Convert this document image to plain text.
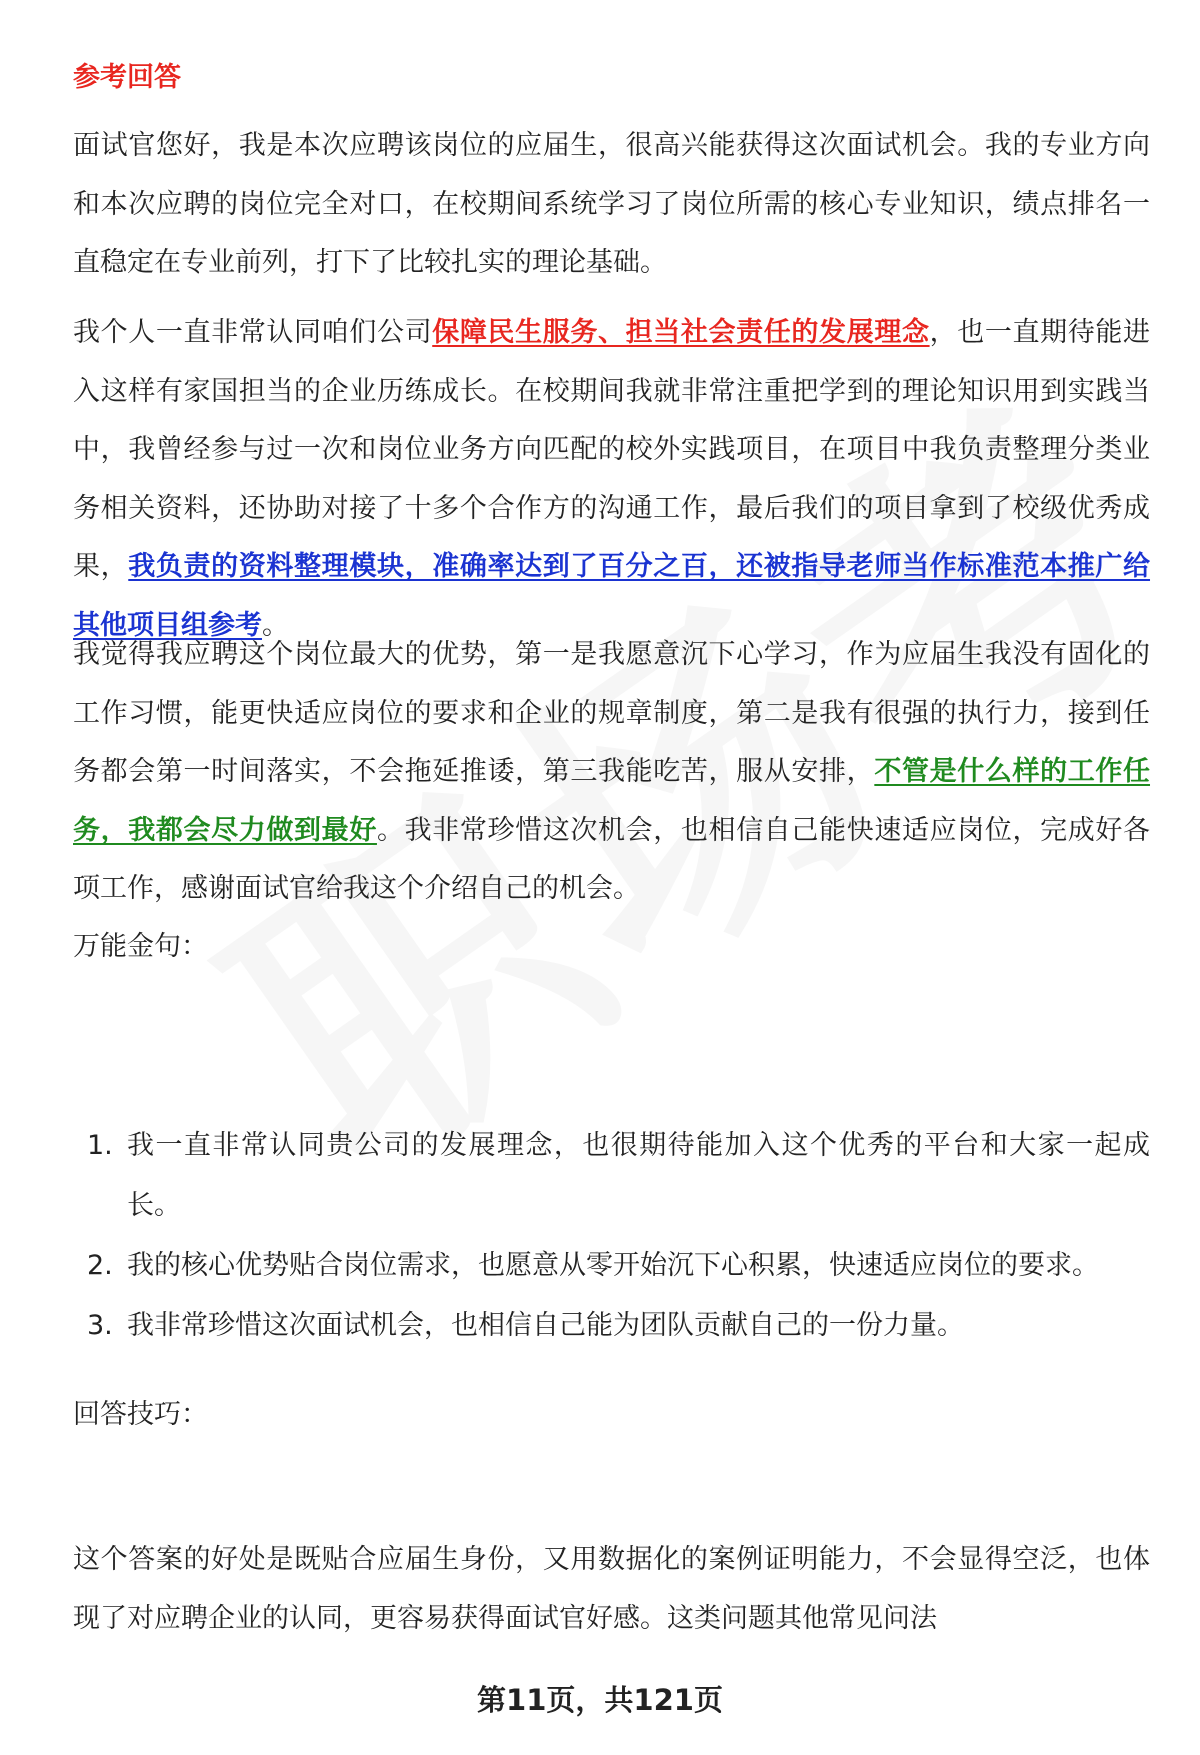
参考回答

面试官您好，我是本次应聘该岗位的应届生，很高兴能获得这次面试机会。我的专业方向和本次应聘的岗位完全对口，在校期间系统学习了岗位所需的核心专业知识，绩点排名一直稳定在专业前列，打下了比较扎实的理论基础。

我个人一直非常认同咱们公司保障民生服务、担当社会责任的发展理念，也一直期待能进入这样有家国担当的企业历练成长。在校期间我就非常注重把学到的理论知识用到实践当中，我曾经参与过一次和岗位业务方向匹配的校外实践项目，在项目中我负责整理分类业务相关资料，还协助对接了十多个合作方的沟通工作，最后我们的项目拿到了校级优秀成果，我负责的资料整理模块，准确率达到了百分之百，还被指导老师当作标准范本推广给其他项目组参考。

我觉得我应聘这个岗位最大的优势，第一是我愿意沉下心学习，作为应届生我没有固化的工作习惯，能更快适应岗位的要求和企业的规章制度，第二是我有很强的执行力，接到任务都会第一时间落实，不会拖延推诿，第三我能吃苦，服从安排，不管是什么样的工作任务，我都会尽力做到最好。我非常珍惜这次机会，也相信自己能快速适应岗位，完成好各项工作，感谢面试官给我这个介绍自己的机会。

万能金句：
1. 我一直非常认同贵公司的发展理念，也很期待能加入这个优秀的平台和大家一起成长。
2. 我的核心优势贴合岗位需求，也愿意从零开始沉下心积累，快速适应岗位的要求。
3. 我非常珍惜这次面试机会，也相信自己能为团队贡献自己的一份力量。
回答技巧：

这个答案的好处是既贴合应届生身份，又用数据化的案例证明能力，不会显得空泛，也体现了对应聘企业的认同，更容易获得面试官好感。这类问题其他常见问法

第11页，共121页
